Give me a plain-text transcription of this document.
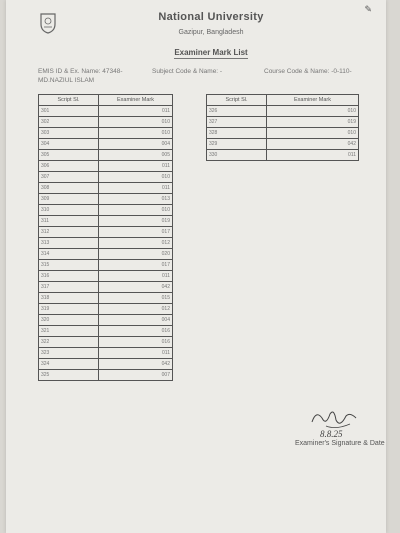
✎
National University
Gazipur, Bangladesh
Examiner Mark List
EMIS ID & Ex. Name: 47348-
MD.NAZIUL ISLAM
Subject Code & Name: -	Course Code & Name: -0-110-
Script Sl.	Examiner Mark
301	011
302	010
303	010
304	004
305	005
306	011
307	010
308	011
309	013
310	010
311	019
312	017
313	012
314	020
315	017
316	011
317	042
318	015
319	012
320	004
321	016
322	016
323	011
324	042
325	007
Script Sl.	Examiner Mark
326	010
327	019
328	010
329	042
330	011
8.8.25
Examiner's Signature & Date
